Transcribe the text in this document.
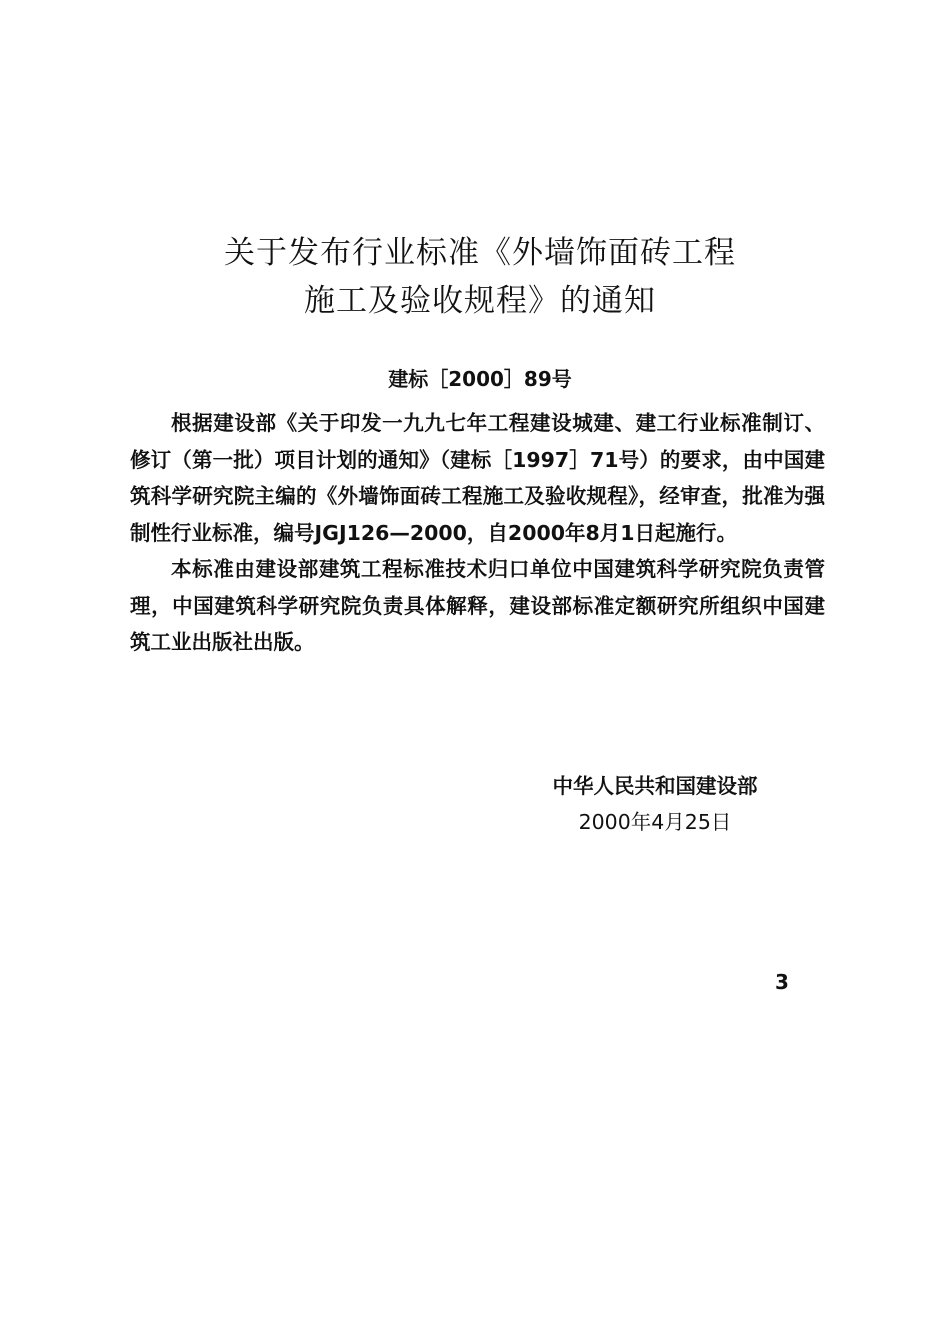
关于发布行业标准《外墙饰面砖工程
施工及验收规程》的通知
建标［2000］89号

根据建设部《关于印发一九九七年工程建设城建、建工行业标准制订、修订（第一批）项目计划的通知》（建标［1997］71号）的要求，由中国建筑科学研究院主编的《外墙饰面砖工程施工及验收规程》，经审查，批准为强制性行业标准，编号JGJ126—2000，自2000年8月1日起施行。

本标准由建设部建筑工程标准技术归口单位中国建筑科学研究院负责管理，中国建筑科学研究院负责具体解释，建设部标准定额研究所组织中国建筑工业出版社出版。

中华人民共和国建设部
2000年4月25日
3
